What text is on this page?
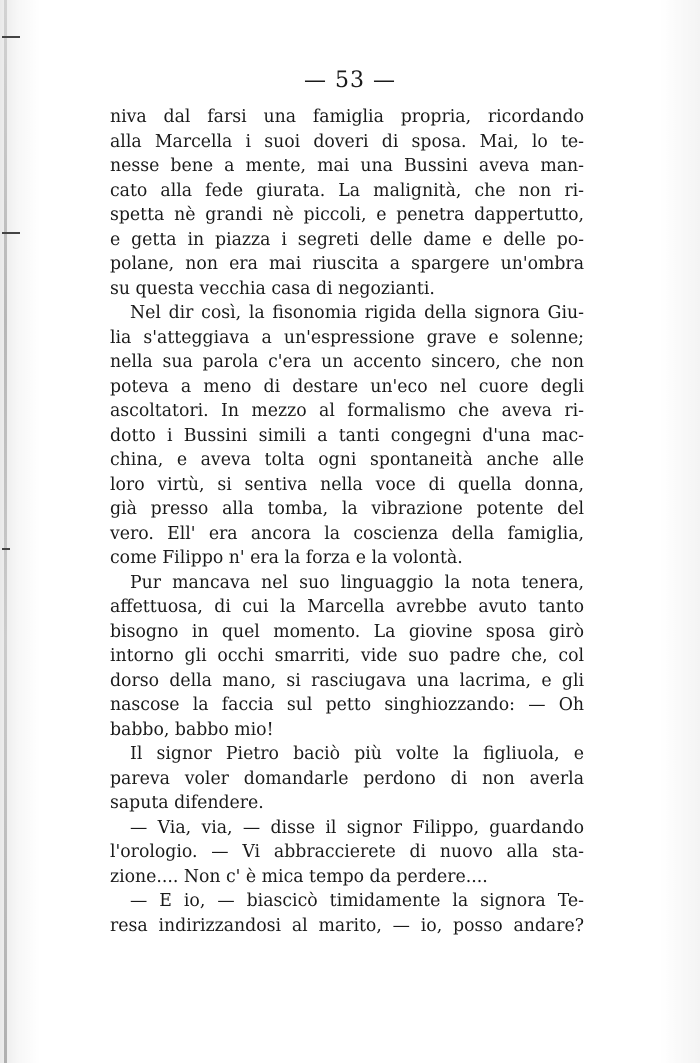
— 53 —
niva dal farsi una famiglia propria, ricordando
alla Marcella i suoi doveri di sposa. Mai, lo te-
nesse bene a mente, mai una Bussini aveva man-
cato alla fede giurata. La malignità, che non ri-
spetta nè grandi nè piccoli, e penetra dappertutto,
e getta in piazza i segreti delle dame e delle po-
polane, non era mai riuscita a spargere un'ombra
su questa vecchia casa di negozianti.
Nel dir così, la fisonomia rigida della signora Giu-
lia s'atteggiava a un'espressione grave e solenne;
nella sua parola c'era un accento sincero, che non
poteva a meno di destare un'eco nel cuore degli
ascoltatori. In mezzo al formalismo che aveva ri-
dotto i Bussini simili a tanti congegni d'una mac-
china, e aveva tolta ogni spontaneità anche alle
loro virtù, si sentiva nella voce di quella donna,
già presso alla tomba, la vibrazione potente del
vero. Ell' era ancora la coscienza della famiglia,
come Filippo n' era la forza e la volontà.
Pur mancava nel suo linguaggio la nota tenera,
affettuosa, di cui la Marcella avrebbe avuto tanto
bisogno in quel momento. La giovine sposa girò
intorno gli occhi smarriti, vide suo padre che, col
dorso della mano, si rasciugava una lacrima, e gli
nascose la faccia sul petto singhiozzando: — Oh
babbo, babbo mio!
Il signor Pietro baciò più volte la figliuola, e
pareva voler domandarle perdono di non averla
saputa difendere.
— Via, via, — disse il signor Filippo, guardando
l'orologio. — Vi abbraccierete di nuovo alla sta-
zione.... Non c' è mica tempo da perdere....
— E io, — biascicò timidamente la signora Te-
resa indirizzandosi al marito, — io, posso andare?
